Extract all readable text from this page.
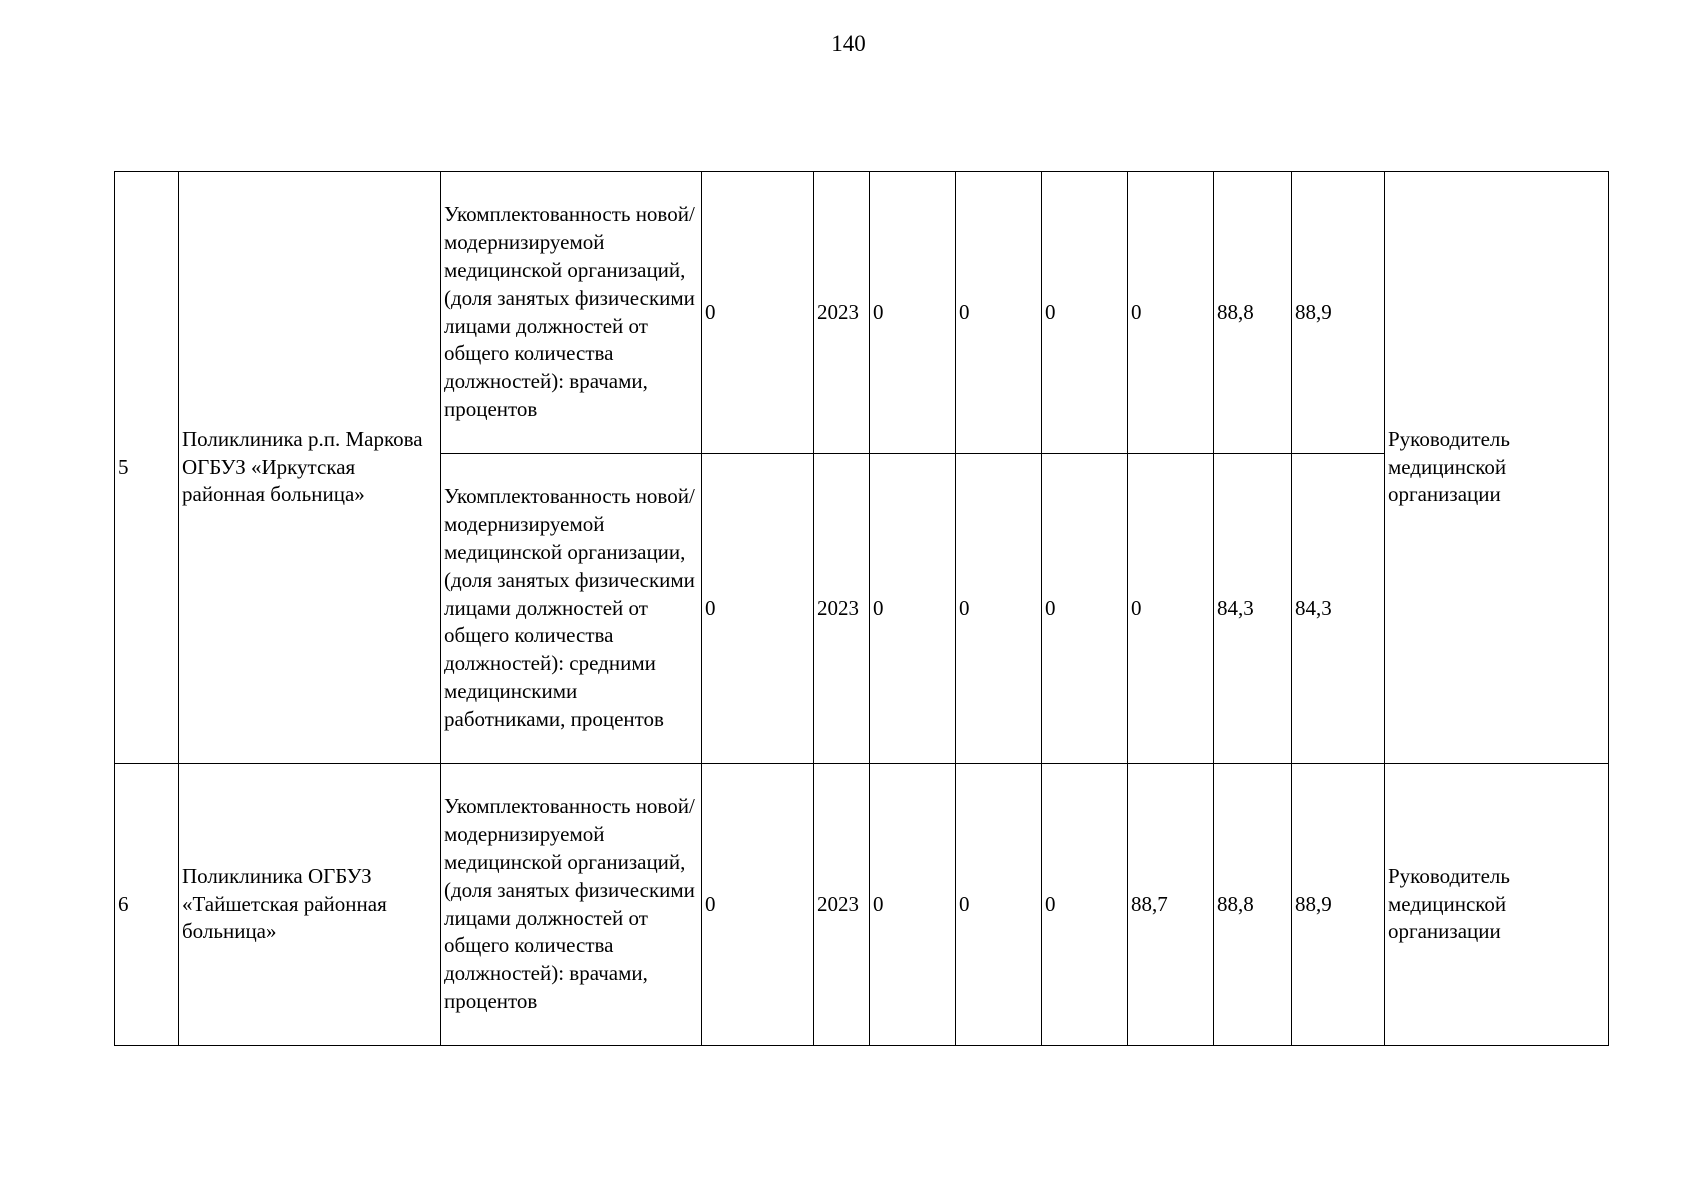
140
5	Поликлиника р.п. Маркова ОГБУЗ «Иркутская районная больница»	Укомплектованность новой/модернизируемой медицинской организаций, (доля занятых физическими лицами должностей от общего количества должностей): врачами, процентов	0	2023	0	0	0	0	88,8	88,9	Руководитель медицинской организации
		Укомплектованность новой/модернизируемой медицинской организации, (доля занятых физическими лицами должностей от общего количества должностей): средними медицинскими работниками, процентов	0	2023	0	0	0	0	84,3	84,3	
6	Поликлиника ОГБУЗ «Тайшетская районная больница»	Укомплектованность новой/модернизируемой медицинской организаций, (доля занятых физическими лицами должностей от общего количества должностей): врачами, процентов	0	2023	0	0	0	88,7	88,8	88,9	Руководитель медицинской организации
